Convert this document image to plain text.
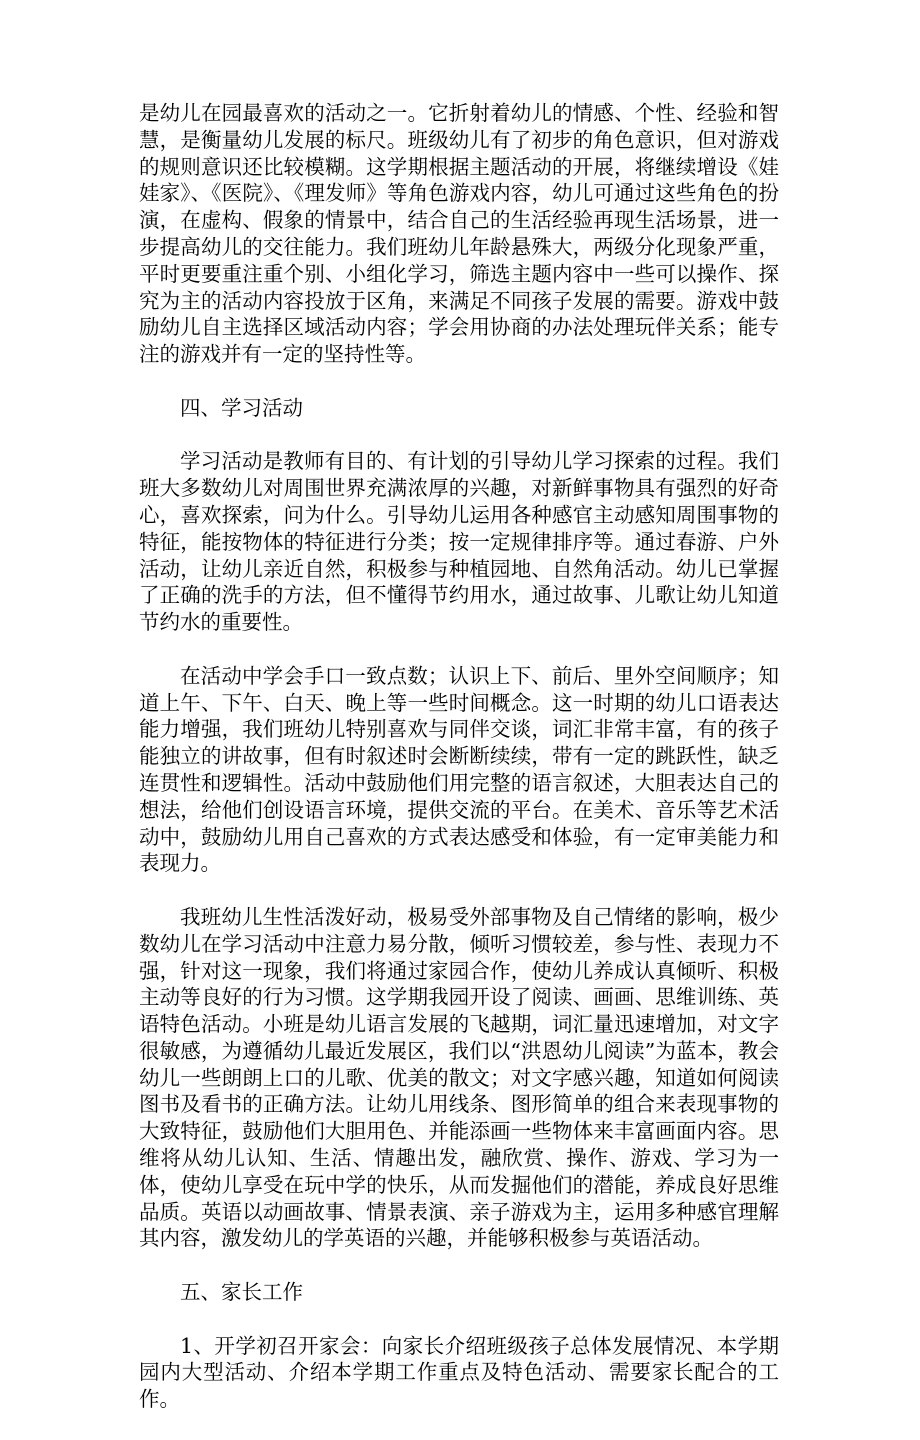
是幼儿在园最喜欢的活动之一。它折射着幼儿的情感、个性、经验和智慧，是衡量幼儿发展的标尺。班级幼儿有了初步的角色意识，但对游戏的规则意识还比较模糊。这学期根据主题活动的开展，将继续增设《娃娃家》、《医院》、《理发师》等角色游戏内容，幼儿可通过这些角色的扮演，在虚构、假象的情景中，结合自己的生活经验再现生活场景，进一步提高幼儿的交往能力。我们班幼儿年龄悬殊大，两级分化现象严重，平时更要重注重个别、小组化学习，筛选主题内容中一些可以操作、探究为主的活动内容投放于区角，来满足不同孩子发展的需要。游戏中鼓励幼儿自主选择区域活动内容；学会用协商的办法处理玩伴关系；能专注的游戏并有一定的坚持性等。

四、学习活动

学习活动是教师有目的、有计划的引导幼儿学习探索的过程。我们班大多数幼儿对周围世界充满浓厚的兴趣，对新鲜事物具有强烈的好奇心，喜欢探索，问为什么。引导幼儿运用各种感官主动感知周围事物的特征，能按物体的特征进行分类；按一定规律排序等。通过春游、户外活动，让幼儿亲近自然，积极参与种植园地、自然角活动。幼儿已掌握了正确的洗手的方法，但不懂得节约用水，通过故事、儿歌让幼儿知道节约水的重要性。

在活动中学会手口一致点数；认识上下、前后、里外空间顺序；知道上午、下午、白天、晚上等一些时间概念。这一时期的幼儿口语表达能力增强，我们班幼儿特别喜欢与同伴交谈，词汇非常丰富，有的孩子能独立的讲故事，但有时叙述时会断断续续，带有一定的跳跃性，缺乏连贯性和逻辑性。活动中鼓励他们用完整的语言叙述，大胆表达自己的想法，给他们创设语言环境，提供交流的平台。在美术、音乐等艺术活动中，鼓励幼儿用自己喜欢的方式表达感受和体验，有一定审美能力和表现力。

我班幼儿生性活泼好动，极易受外部事物及自己情绪的影响，极少数幼儿在学习活动中注意力易分散，倾听习惯较差，参与性、表现力不强，针对这一现象，我们将通过家园合作，使幼儿养成认真倾听、积极主动等良好的行为习惯。这学期我园开设了阅读、画画、思维训练、英语特色活动。小班是幼儿语言发展的飞越期，词汇量迅速增加，对文字很敏感，为遵循幼儿最近发展区，我们以“洪恩幼儿阅读”为蓝本，教会幼儿一些朗朗上口的儿歌、优美的散文；对文字感兴趣，知道如何阅读图书及看书的正确方法。让幼儿用线条、图形简单的组合来表现事物的大致特征，鼓励他们大胆用色、并能添画一些物体来丰富画面内容。思维将从幼儿认知、生活、情趣出发，融欣赏、操作、游戏、学习为一体，使幼儿享受在玩中学的快乐，从而发掘他们的潜能，养成良好思维品质。英语以动画故事、情景表演、亲子游戏为主，运用多种感官理解其内容，激发幼儿的学英语的兴趣，并能够积极参与英语活动。

五、家长工作

1、开学初召开家会：向家长介绍班级孩子总体发展情况、本学期园内大型活动、介绍本学期工作重点及特色活动、需要家长配合的工作。
